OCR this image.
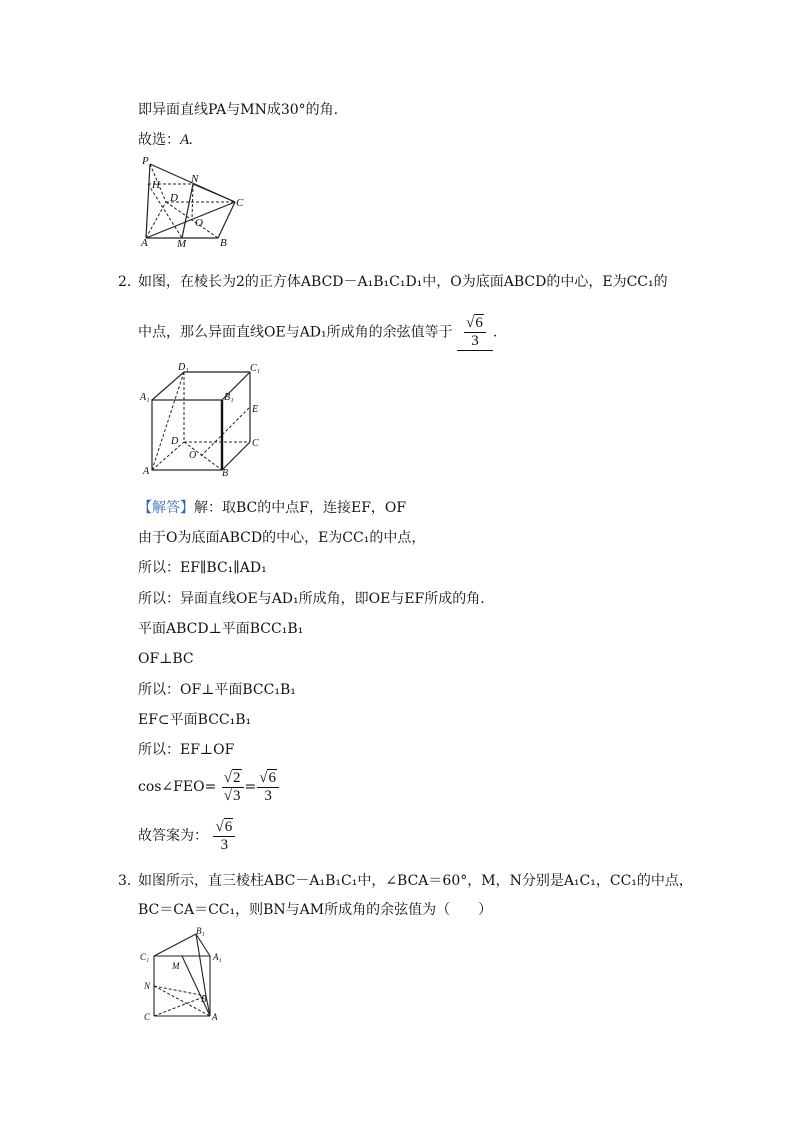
即异面直线PA与MN成30°的角.
故选：A.
P
H	N
D	C
O
A	M	B
2．
如图，在棱长为2的正方体ABCD－A₁B₁C₁D₁中，O为底面ABCD的中心，E为CC₁的
中点，那么异面直线OE与AD₁所成角的余弦值等于 $\frac{√6}{3}$ .
D₁	C₁
A₁	B₁
E
D	C
O
A	B
【解答】解：取BC的中点F，连接EF，OF
由于O为底面ABCD的中心，E为CC₁的中点，
所以：EF∥BC₁∥AD₁
所以：异面直线OE与AD₁所成角，即OE与EF所成的角.
平面ABCD⊥平面BCC₁B₁
OF⊥BC
所以：OF⊥平面BCC₁B₁
EF⊂平面BCC₁B₁
所以：EF⊥OF
cos∠FEO= $\frac{√2}{√3} = \frac{√6}{3}$
故答案为： $\frac{√6}{3}$
3．
如图所示，直三棱柱ABC－A₁B₁C₁中，∠BCA＝60°，M，N分别是A₁C₁，CC₁的中点，
BC＝CA＝CC₁，则BN与AM所成角的余弦值为（　　）
B₁
C₁
M
A₁
N
B
C	A
